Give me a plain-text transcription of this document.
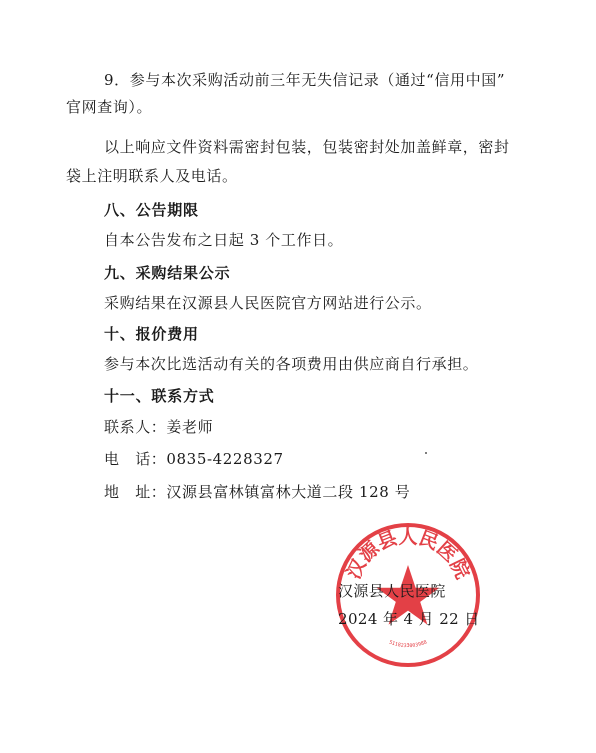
9．参与本次采购活动前三年无失信记录（通过“信用中国”
官网查询）。
以上响应文件资料需密封包装，包装密封处加盖鲜章，密封
袋上注明联系人及电话。
八、公告期限
自本公告发布之日起 3 个工作日。
九、采购结果公示
采购结果在汉源县人民医院官方网站进行公示。
十、报价费用
参与本次比选活动有关的各项费用由供应商自行承担。
十一、联系方式
联系人：姜老师
电　话：0835-4228327
地　址：汉源县富林镇富林大道二段 128 号
汉源县人民医院
5118233003988
汉源县人民医院
2024 年 4 月 22 日
